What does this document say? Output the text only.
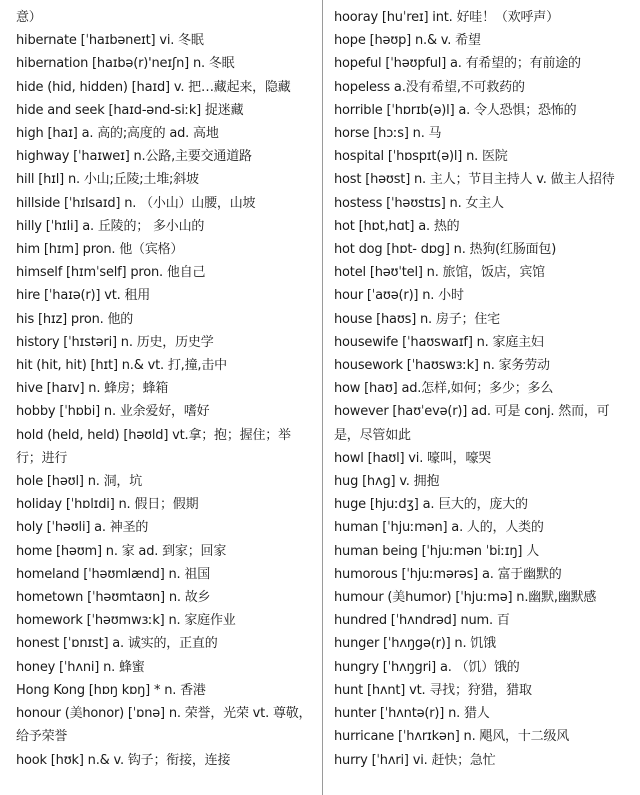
意）
hibernate [ˈhaɪbəneɪt] vi. 冬眠
hibernation [haɪbə(r)'neɪʃn] n. 冬眠
hide (hid, hidden) [haɪd] v. 把…藏起来，隐藏
hide and seek [haɪd-ənd-siːk] 捉迷藏
high [haɪ] a. 高的;高度的 ad. 高地
highway [ˈhaɪweɪ] n.公路,主要交通道路
hill [hɪl] n. 小山;丘陵;土堆;斜坡
hillside [ˈhɪlsaɪd] n. （小山）山腰，山坡
hilly [ˈhɪli] a. 丘陵的； 多小山的
him [hɪm] pron. 他（宾格）
himself [hɪmˈself] pron. 他自己
hire [ˈhaɪə(r)] vt. 租用
his [hɪz] pron. 他的
history [ˈhɪstəri] n. 历史，历史学
hit (hit, hit) [hɪt] n.& vt. 打,撞,击中
hive [haɪv] n. 蜂房；蜂箱
hobby [ˈhɒbi] n. 业余爱好，嗜好
hold (held, held) [həʊld] vt.拿；抱；握住；举行；进行
hole [həʊl] n. 洞，坑
holiday [ˈhɒlɪdi] n. 假日；假期
holy [ˈhəʊli] a. 神圣的
home [həʊm] n. 家 ad. 到家；回家
homeland [ˈhəʊmlænd] n. 祖国
hometown [ˈhəʊmtaʊn] n. 故乡
homework [ˈhəʊmwɜːk] n. 家庭作业
honest [ˈɒnɪst] a. 诚实的，正直的
honey [ˈhʌni] n. 蜂蜜
Hong Kong [hɒŋ kɒŋ] * n. 香港
honour (美honor) [ˈɒnə] n. 荣誉，光荣 vt. 尊敬，给予荣誉
hook [hʊk] n.& v. 钩子；衔接，连接
hooray [huˈreɪ] int. 好哇！（欢呼声）
hope [həʊp] n.& v. 希望
hopeful [ˈhəʊpful] a. 有希望的；有前途的
hopeless a.没有希望,不可救药的
horrible [ˈhɒrɪb(ə)l] a. 令人恐惧；恐怖的
horse [hɔːs] n. 马
hospital [ˈhɒspɪt(ə)l] n. 医院
host [həʊst] n. 主人；节目主持人 v. 做主人招待
hostess [ˈhəʊstɪs] n. 女主人
hot [hɒt,hɑt] a. 热的
hot dog [hɒt- dɒg] n. 热狗(红肠面包)
hotel [həʊˈtel] n. 旅馆，饭店，宾馆
hour [ˈaʊə(r)] n. 小时
house [haʊs] n. 房子；住宅
housewife [ˈhaʊswaɪf] n. 家庭主妇
housework [ˈhaʊswɜːk] n. 家务劳动
how [haʊ] ad.怎样,如何；多少；多么
however [haʊˈevə(r)] ad. 可是 conj. 然而，可是，尽管如此
howl [haʊl] vi. 嚎叫，嚎哭
hug [hʌg] v. 拥抱
huge [hjuːdʒ] a. 巨大的，庞大的
human [ˈhjuːmən] a. 人的，人类的
human being [ˈhjuːmən ˈbiːɪŋ] 人
humorous [ˈhjuːmərəs] a. 富于幽默的
humour (美humor) [ˈhjuːmə] n.幽默,幽默感
hundred [ˈhʌndrəd] num. 百
hunger [ˈhʌŋgə(r)] n. 饥饿
hungry [ˈhʌŋgri] a. （饥）饿的
hunt [hʌnt] vt. 寻找；狩猎，猎取
hunter [ˈhʌntə(r)] n. 猎人
hurricane [ˈhʌrɪkən] n. 飓风，十二级风
hurry [ˈhʌri] vi. 赶快；急忙
